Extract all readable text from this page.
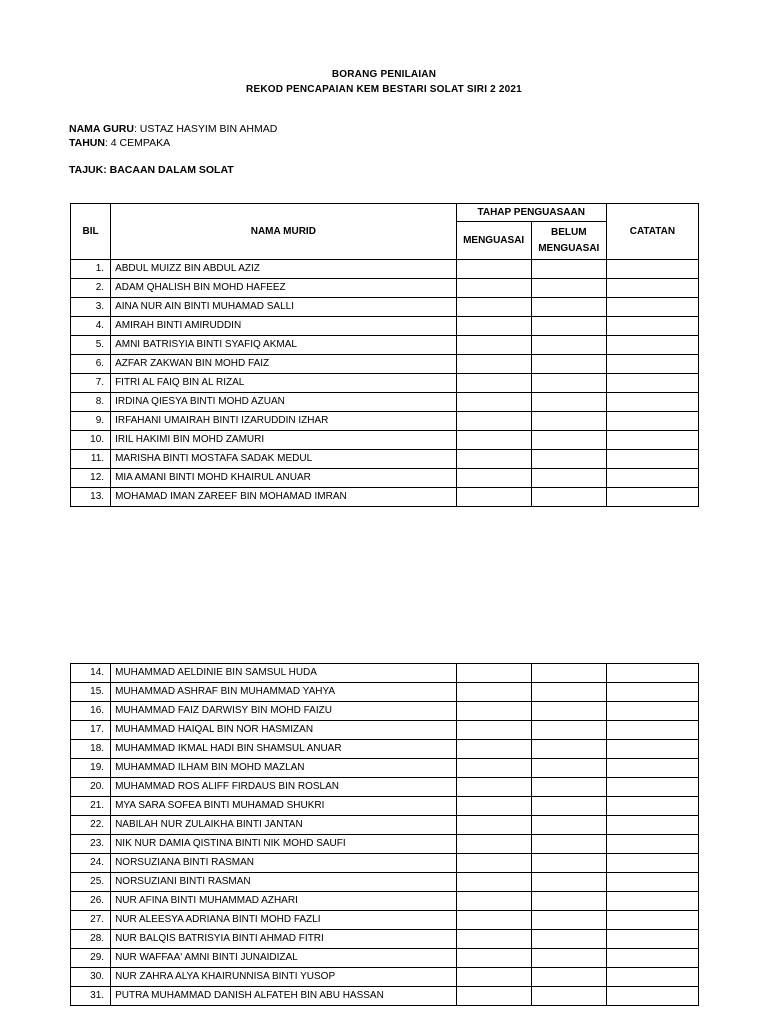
BORANG PENILAIAN
REKOD PENCAPAIAN KEM BESTARI SOLAT SIRI 2 2021
NAMA GURU: USTAZ HASYIM BIN AHMAD
TAHUN: 4 CEMPAKA
TAJUK: BACAAN DALAM SOLAT
BIL	NAMA MURID	TAHAP PENGUASAAN		CATATAN
		MENGUASAI	BELUM MENGUASAI	
1.	ABDUL MUIZZ BIN ABDUL AZIZ			
2.	ADAM QHALISH BIN MOHD HAFEEZ			
3.	AINA NUR AIN BINTI MUHAMAD SALLI			
4.	AMIRAH BINTI AMIRUDDIN			
5.	AMNI BATRISYIA BINTI SYAFIQ AKMAL			
6.	AZFAR ZAKWAN BIN MOHD FAIZ			
7.	FITRI AL FAIQ BIN AL RIZAL			
8.	IRDINA QIESYA BINTI MOHD AZUAN			
9.	IRFAHANI UMAIRAH BINTI IZARUDDIN IZHAR			
10.	IRIL HAKIMI BIN MOHD ZAMURI			
11.	MARISHA BINTI MOSTAFA SADAK MEDUL			
12.	MIA AMANI BINTI MOHD KHAIRUL ANUAR			
13.	MOHAMAD IMAN ZAREEF BIN MOHAMAD IMRAN			
14.	MUHAMMAD AELDINIE BIN SAMSUL HUDA			
15.	MUHAMMAD ASHRAF BIN MUHAMMAD YAHYA			
16.	MUHAMMAD FAIZ DARWISY BIN MOHD FAIZU			
17.	MUHAMMAD HAIQAL BIN NOR HASMIZAN			
18.	MUHAMMAD IKMAL HADI BIN SHAMSUL ANUAR			
19.	MUHAMMAD ILHAM BIN MOHD MAZLAN			
20.	MUHAMMAD ROS ALIFF FIRDAUS BIN ROSLAN			
21.	MYA SARA SOFEA BINTI MUHAMAD SHUKRI			
22.	NABILAH NUR ZULAIKHA BINTI JANTAN			
23.	NIK NUR DAMIA QISTINA BINTI NIK MOHD SAUFI			
24.	NORSUZIANA BINTI RASMAN			
25.	NORSUZIANI BINTI RASMAN			
26.	NUR AFINA BINTI MUHAMMAD AZHARI			
27.	NUR ALEESYA ADRIANA BINTI MOHD FAZLI			
28.	NUR BALQIS BATRISYIA BINTI AHMAD FITRI			
29.	NUR WAFFAA' AMNI BINTI JUNAIDIZAL			
30.	NUR ZAHRA ALYA KHAIRUNNISA BINTI YUSOP			
31.	PUTRA MUHAMMAD DANISH ALFATEH BIN ABU HASSAN			
